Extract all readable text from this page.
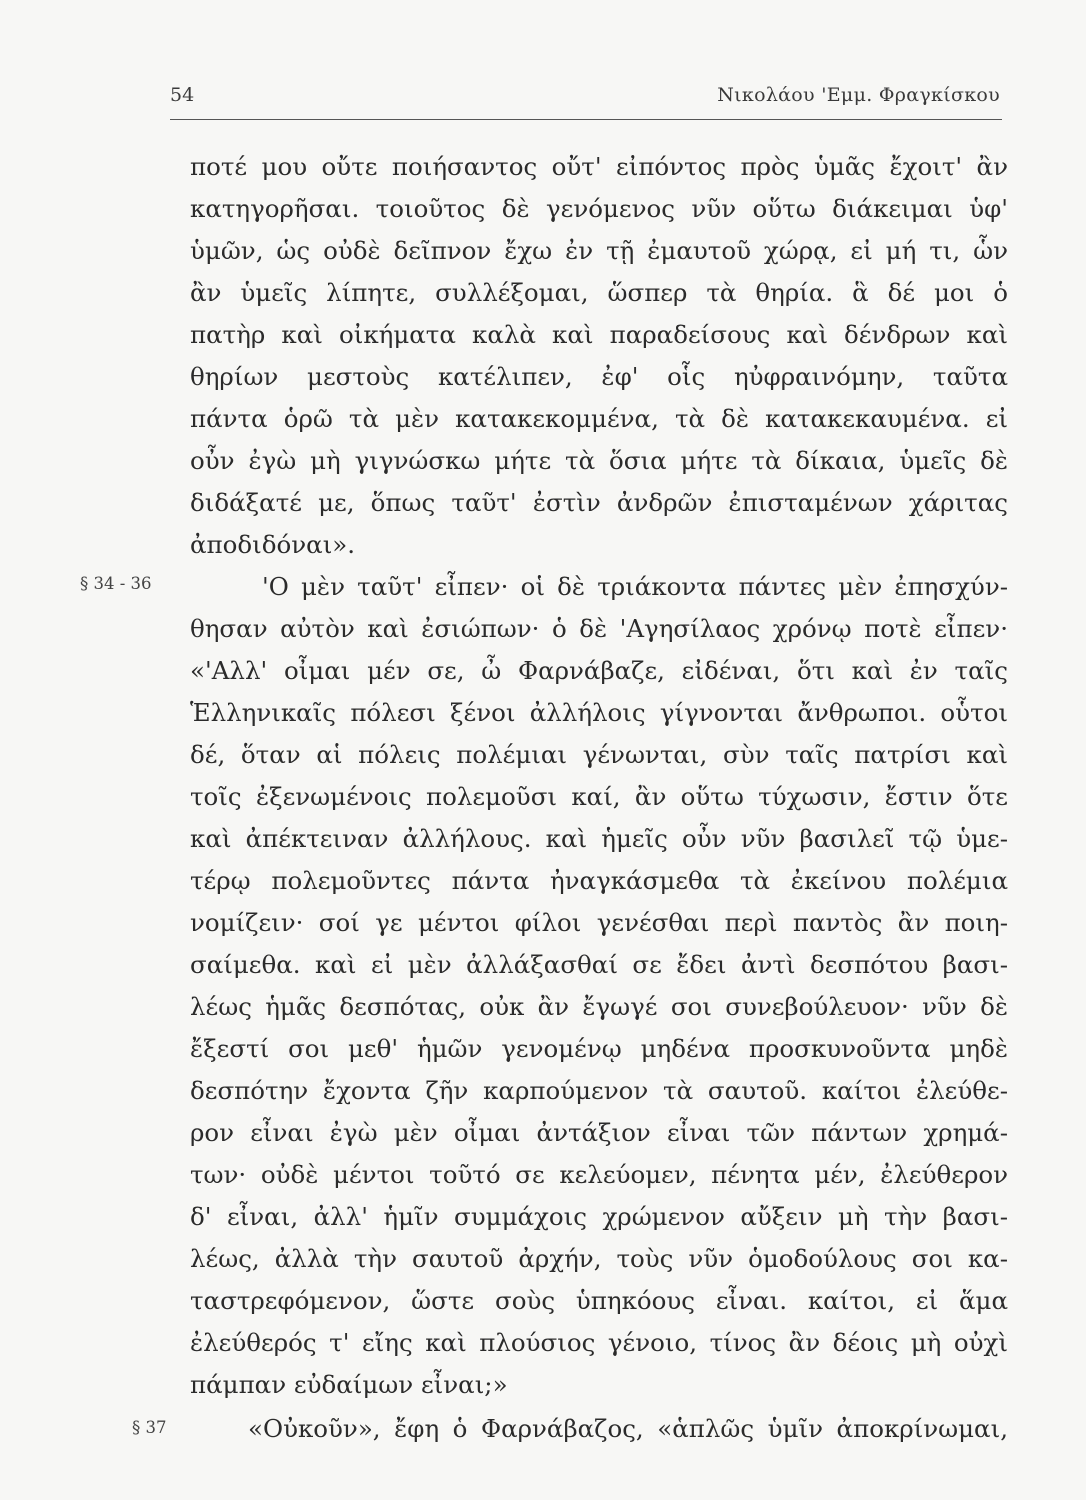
54	Νικολάου 'Εμμ. Φραγκίσκου
ποτέ μου οὔτε ποιήσαντος οὔτ' εἰπόντος πρὸς ὑμᾶς ἔχοιτ' ἂν
κατηγορῆσαι. τοιοῦτος δὲ γενόμενος νῦν οὕτω διάκειμαι ὑφ'
ὑμῶν, ὡς οὐδὲ δεῖπνον ἔχω ἐν τῇ ἐμαυτοῦ χώρᾳ, εἰ μή τι, ὧν
ἂν ὑμεῖς λίπητε, συλλέξομαι, ὥσπερ τὰ θηρία. ἃ δέ μοι ὁ
πατὴρ καὶ οἰκήματα καλὰ καὶ παραδείσους καὶ δένδρων καὶ
θηρίων μεστοὺς κατέλιπεν, ἐφ' οἷς ηὐφραινόμην, ταῦτα
πάντα ὁρῶ τὰ μὲν κατακεκομμένα, τὰ δὲ κατακεκαυμένα. εἰ
οὖν ἐγὼ μὴ γιγνώσκω μήτε τὰ ὅσια μήτε τὰ δίκαια, ὑμεῖς δὲ
διδάξατέ με, ὅπως ταῦτ' ἐστὶν ἀνδρῶν ἐπισταμένων χάριτας
ἀποδιδόναι».
§ 34 - 36	'Ο μὲν ταῦτ' εἶπεν· οἱ δὲ τριάκοντα πάντες μὲν ἐπησχύν-
θησαν αὐτὸν καὶ ἐσιώπων· ὁ δὲ 'Αγησίλαος χρόνῳ ποτὲ εἶπεν·
«'Αλλ' οἶμαι μέν σε, ὦ Φαρνάβαζε, εἰδέναι, ὅτι καὶ ἐν ταῖς
Ἑλληνικαῖς πόλεσι ξένοι ἀλλήλοις γίγνονται ἄνθρωποι. οὗτοι
δέ, ὅταν αἱ πόλεις πολέμιαι γένωνται, σὺν ταῖς πατρίσι καὶ
τοῖς ἐξενωμένοις πολεμοῦσι καί, ἂν οὕτω τύχωσιν, ἔστιν ὅτε
καὶ ἀπέκτειναν ἀλλήλους. καὶ ἡμεῖς οὖν νῦν βασιλεῖ τῷ ὑμε-
τέρῳ πολεμοῦντες πάντα ἠναγκάσμεθα τὰ ἐκείνου πολέμια
νομίζειν· σοί γε μέντοι φίλοι γενέσθαι περὶ παντὸς ἂν ποιη-
σαίμεθα. καὶ εἰ μὲν ἀλλάξασθαί σε ἔδει ἀντὶ δεσπότου βασι-
λέως ἡμᾶς δεσπότας, οὐκ ἂν ἔγωγέ σοι συνεβούλευον· νῦν δὲ
ἔξεστί σοι μεθ' ἡμῶν γενομένῳ μηδένα προσκυνοῦντα μηδὲ
δεσπότην ἔχοντα ζῆν καρπούμενον τὰ σαυτοῦ. καίτοι ἐλεύθε-
ρον εἶναι ἐγὼ μὲν οἶμαι ἀντάξιον εἶναι τῶν πάντων χρημά-
των· οὐδὲ μέντοι τοῦτό σε κελεύομεν, πένητα μέν, ἐλεύθερον
δ' εἶναι, ἀλλ' ἡμῖν συμμάχοις χρώμενον αὔξειν μὴ τὴν βασι-
λέως, ἀλλὰ τὴν σαυτοῦ ἀρχήν, τοὺς νῦν ὁμοδούλους σοι κα-
ταστρεφόμενον, ὥστε σοὺς ὑπηκόους εἶναι. καίτοι, εἰ ἅμα
ἐλεύθερός τ' εἴης καὶ πλούσιος γένοιο, τίνος ἂν δέοις μὴ οὐχὶ
πάμπαν εὐδαίμων εἶναι;»
§ 37	«Οὐκοῦν», ἔφη ὁ Φαρνάβαζος, «ἁπλῶς ὑμῖν ἀποκρίνωμαι,
